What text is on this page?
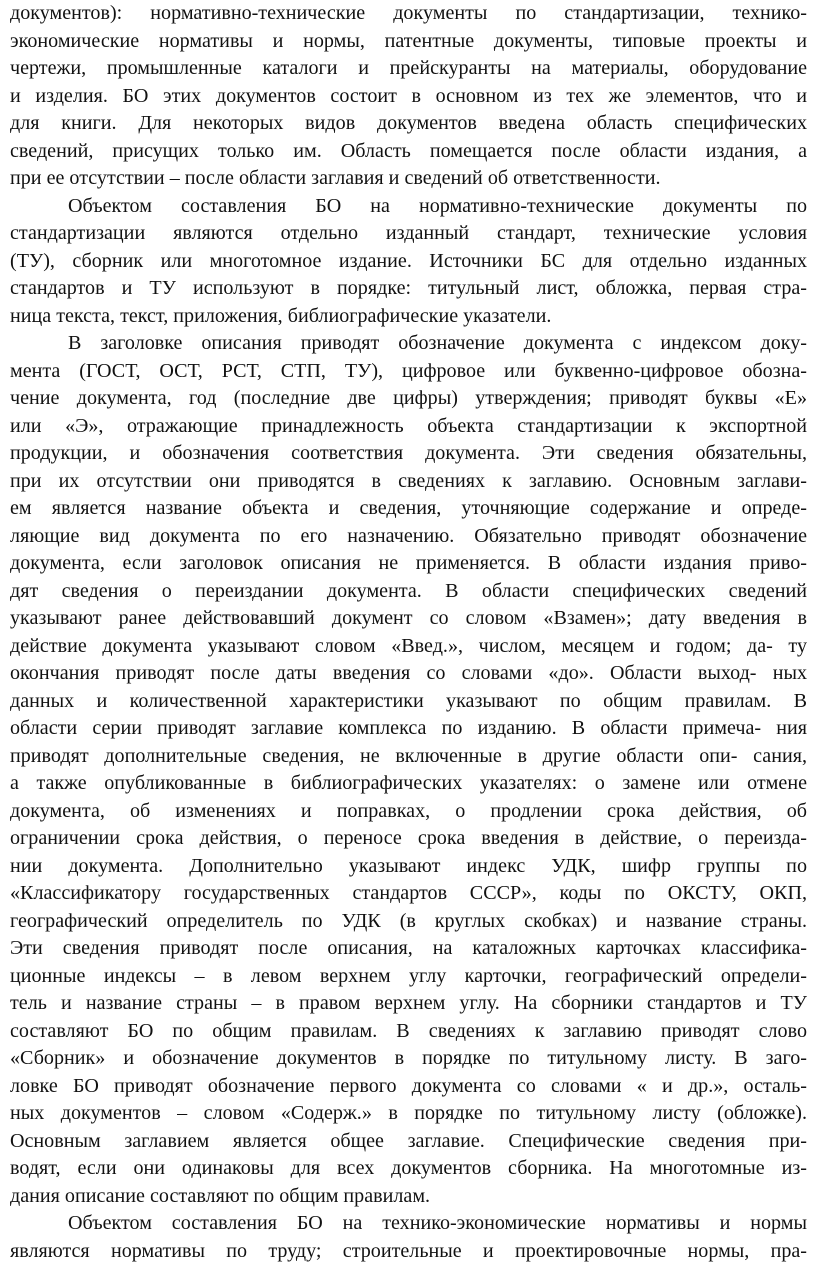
документов): нормативно-технические документы по стандартизации, технико-
экономические нормативы и нормы, патентные документы, типовые проекты и
чертежи, промышленные каталоги и прейскуранты на материалы, оборудование
и изделия. БО этих документов состоит в основном из тех же элементов, что и
для книги. Для некоторых видов документов введена область специфических
сведений, присущих только им. Область помещается после области издания, а
при ее отсутствии – после области заглавия и сведений об ответственности.
Объектом составления БО на нормативно-технические документы по
стандартизации являются отдельно изданный стандарт, технические условия
(ТУ), сборник или многотомное издание. Источники БС для отдельно изданных
стандартов и ТУ используют в порядке: титульный лист, обложка, первая стра-
ница текста, текст, приложения, библиографические указатели.
В заголовке описания приводят обозначение документа с индексом доку-
мента (ГОСТ, ОСТ, РСТ, СТП, ТУ), цифровое или буквенно-цифровое обозна-
чение документа, год (последние две цифры) утверждения; приводят буквы «Е»
или «Э», отражающие принадлежность объекта стандартизации к экспортной
продукции, и обозначения соответствия документа. Эти сведения обязательны,
при их отсутствии они приводятся в сведениях к заглавию. Основным заглави-
ем является название объекта и сведения, уточняющие содержание и опреде-
ляющие вид документа по его назначению. Обязательно приводят обозначение
документа, если заголовок описания не применяется. В области издания приво-
дят сведения о переиздании документа. В области специфических сведений
указывают ранее действовавший документ со словом «Взамен»; дату введения в
действие документа указывают словом «Введ.», числом, месяцем и годом; да- ту
окончания приводят после даты введения со словами «до». Области выход- ных
данных и количественной характеристики указывают по общим правилам. В
области серии приводят заглавие комплекса по изданию. В области примеча- ния
приводят дополнительные сведения, не включенные в другие области опи- сания,
а также опубликованные в библиографических указателях: о замене или отмене
документа, об изменениях и поправках, о продлении срока действия, об
ограничении срока действия, о переносе срока введения в действие, о переизда-
нии документа. Дополнительно указывают индекс УДК, шифр группы по
«Классификатору государственных стандартов СССР», коды по ОКСТУ, ОКП,
географический определитель по УДК (в круглых скобках) и название страны.
Эти сведения приводят после описания, на каталожных карточках классифика-
ционные индексы – в левом верхнем углу карточки, географический определи-
тель и название страны – в правом верхнем углу. На сборники стандартов и ТУ
составляют БО по общим правилам. В сведениях к заглавию приводят слово
«Сборник» и обозначение документов в порядке по титульному листу. В заго-
ловке БО приводят обозначение первого документа со словами « и др.», осталь-
ных документов – словом «Содерж.» в порядке по титульному листу (обложке).
Основным заглавием является общее заглавие. Специфические сведения при-
водят, если они одинаковы для всех документов сборника. На многотомные из-
дания описание составляют по общим правилам.
Объектом составления БО на технико-экономические нормативы и нормы
являются нормативы по труду; строительные и проектировочные нормы, пра-
